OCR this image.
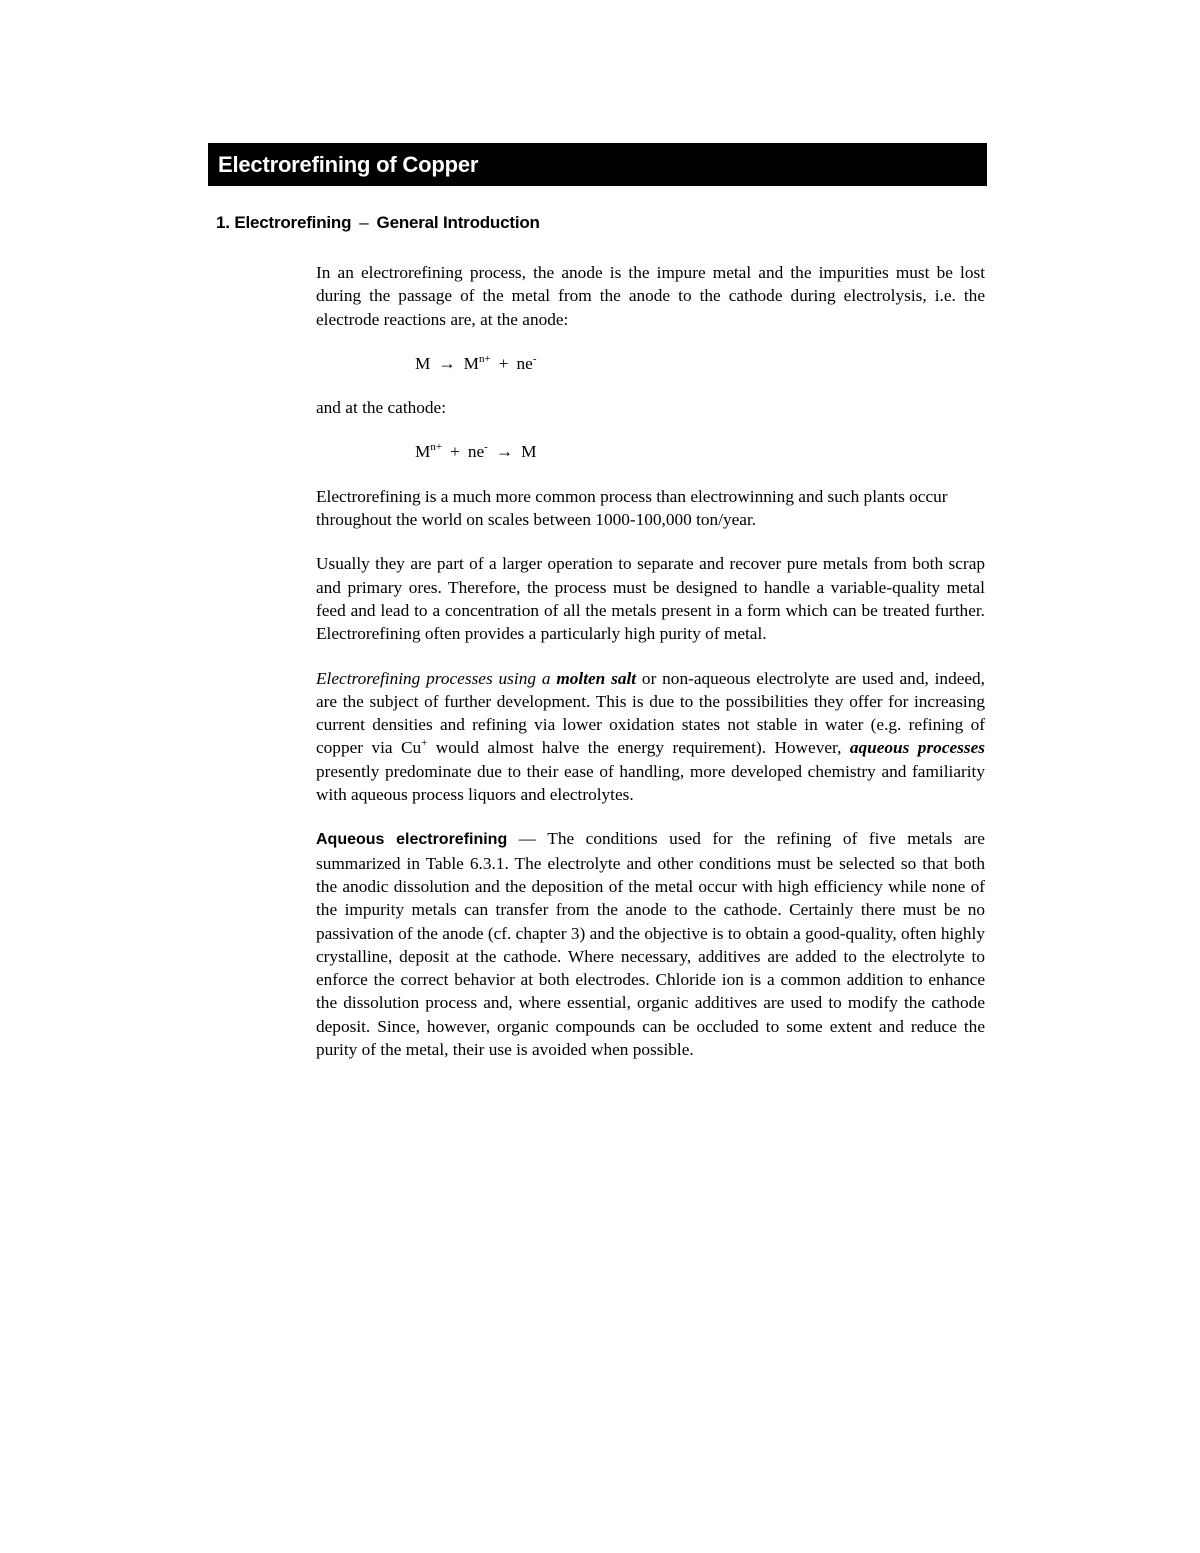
Electrorefining of Copper
1. Electrorefining – General Introduction

In an electrorefining process, the anode is the impure metal and the impurities must be lost during the passage of the metal from the anode to the cathode during electrolysis, i.e. the electrode reactions are, at the anode:

$M \to M^{n+} + ne^-$

and at the cathode:

$M^{n+} + ne^- \to M$

Electrorefining is a much more common process than electrowinning and such plants occur throughout the world on scales between 1000-100,000 ton/year.

Usually they are part of a larger operation to separate and recover pure metals from both scrap and primary ores. Therefore, the process must be designed to handle a variable-quality metal feed and lead to a concentration of all the metals present in a form which can be treated further. Electrorefining often provides a particularly high purity of metal.

Electrorefining processes using a molten salt or non-aqueous electrolyte are used and, indeed, are the subject of further development. This is due to the possibilities they offer for increasing current densities and refining via lower oxidation states not stable in water (e.g. refining of copper via Cu+ would almost halve the energy requirement). However, aqueous processes presently predominate due to their ease of handling, more developed chemistry and familiarity with aqueous process liquors and electrolytes.

Aqueous electrorefining — The conditions used for the refining of five metals are summarized in Table 6.3.1. The electrolyte and other conditions must be selected so that both the anodic dissolution and the deposition of the metal occur with high efficiency while none of the impurity metals can transfer from the anode to the cathode. Certainly there must be no passivation of the anode (cf. chapter 3) and the objective is to obtain a good-quality, often highly crystalline, deposit at the cathode. Where necessary, additives are added to the electrolyte to enforce the correct behavior at both electrodes. Chloride ion is a common addition to enhance the dissolution process and, where essential, organic additives are used to modify the cathode deposit. Since, however, organic compounds can be occluded to some extent and reduce the purity of the metal, their use is avoided when possible.
